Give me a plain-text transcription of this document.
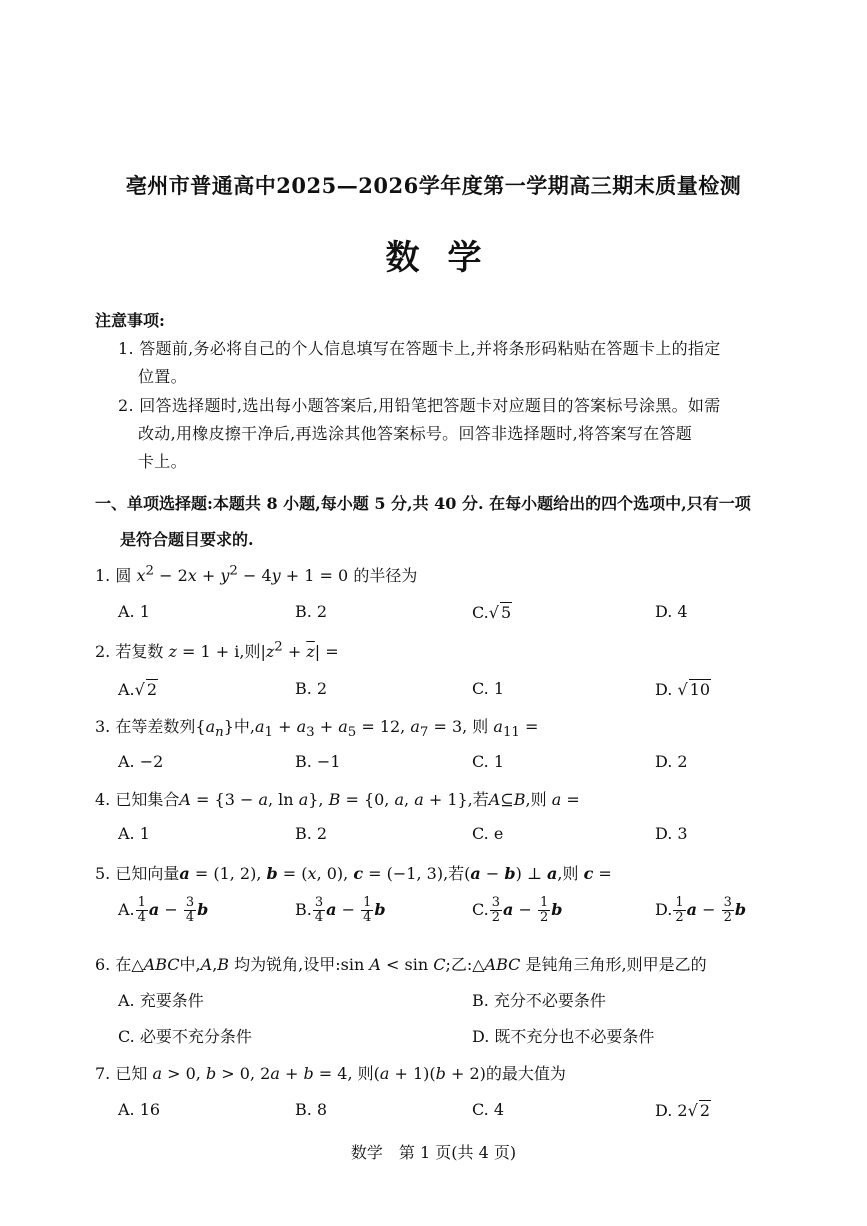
亳州市普通高中2025—2026学年度第一学期高三期末质量检测
数学
注意事项:
1. 答题前,务必将自己的个人信息填写在答题卡上,并将条形码粘贴在答题卡上的指定
位置。
2. 回答选择题时,选出每小题答案后,用铅笔把答题卡对应题目的答案标号涂黑。如需
改动,用橡皮擦干净后,再选涂其他答案标号。回答非选择题时,将答案写在答题
卡上。
一、单项选择题:本题共 8 小题,每小题 5 分,共 40 分. 在每小题给出的四个选项中,只有一项
是符合题目要求的.
1. 圆 $x^2 - 2x + y^2 - 4y + 1 = 0$ 的半径为
A. 1	B. 2	C.√ 5	D. 4
2. 若复数 z = 1 + i,则$|z^2 + \overline{z}|$ =
A.√ 2	B. 2	C. 1	D. √ 10
3. 在等差数列$\{a_n\}$中$,a_1 + a_3 + a_5 = 12$, $a_7 = 3$, 则 $a_{11}$ =
A. −2	B. −1	C. 1	D. 2
4. 已知集合A = {3 − a, ln a}, B = {0, a, a + 1},若A⊆B,则 a =
A. 1	B. 2	C. e	D. 3
5. 已知向量a = (1, 2), b = (x, 0), c = (−1, 3),若(a − b) ⊥ a,则 c =
A. $\frac{1}{4}$ $a - \frac{3}{4}$ b	B. $\frac{3}{4}$ $a - \frac{1}{4}$ b	C. $\frac{3}{2}$ $a - \frac{1}{2}$ b	D. $\frac{1}{2}$ $a - \frac{3}{2}$ b
6. 在△ABC中,A,B 均为锐角,设甲:sin A < sin C;乙:△ABC 是钝角三角形,则甲是乙的
A. 充要条件	B. 充分不必要条件
C. 必要不充分条件	D. 既不充分也不必要条件
7. 已知 a > 0, b > 0, 2a + b = 4, 则(a + 1)(b + 2)的最大值为
A. 16	B. 8	C. 4	D. 2√ 2
数学　第 1 页(共 4 页)
